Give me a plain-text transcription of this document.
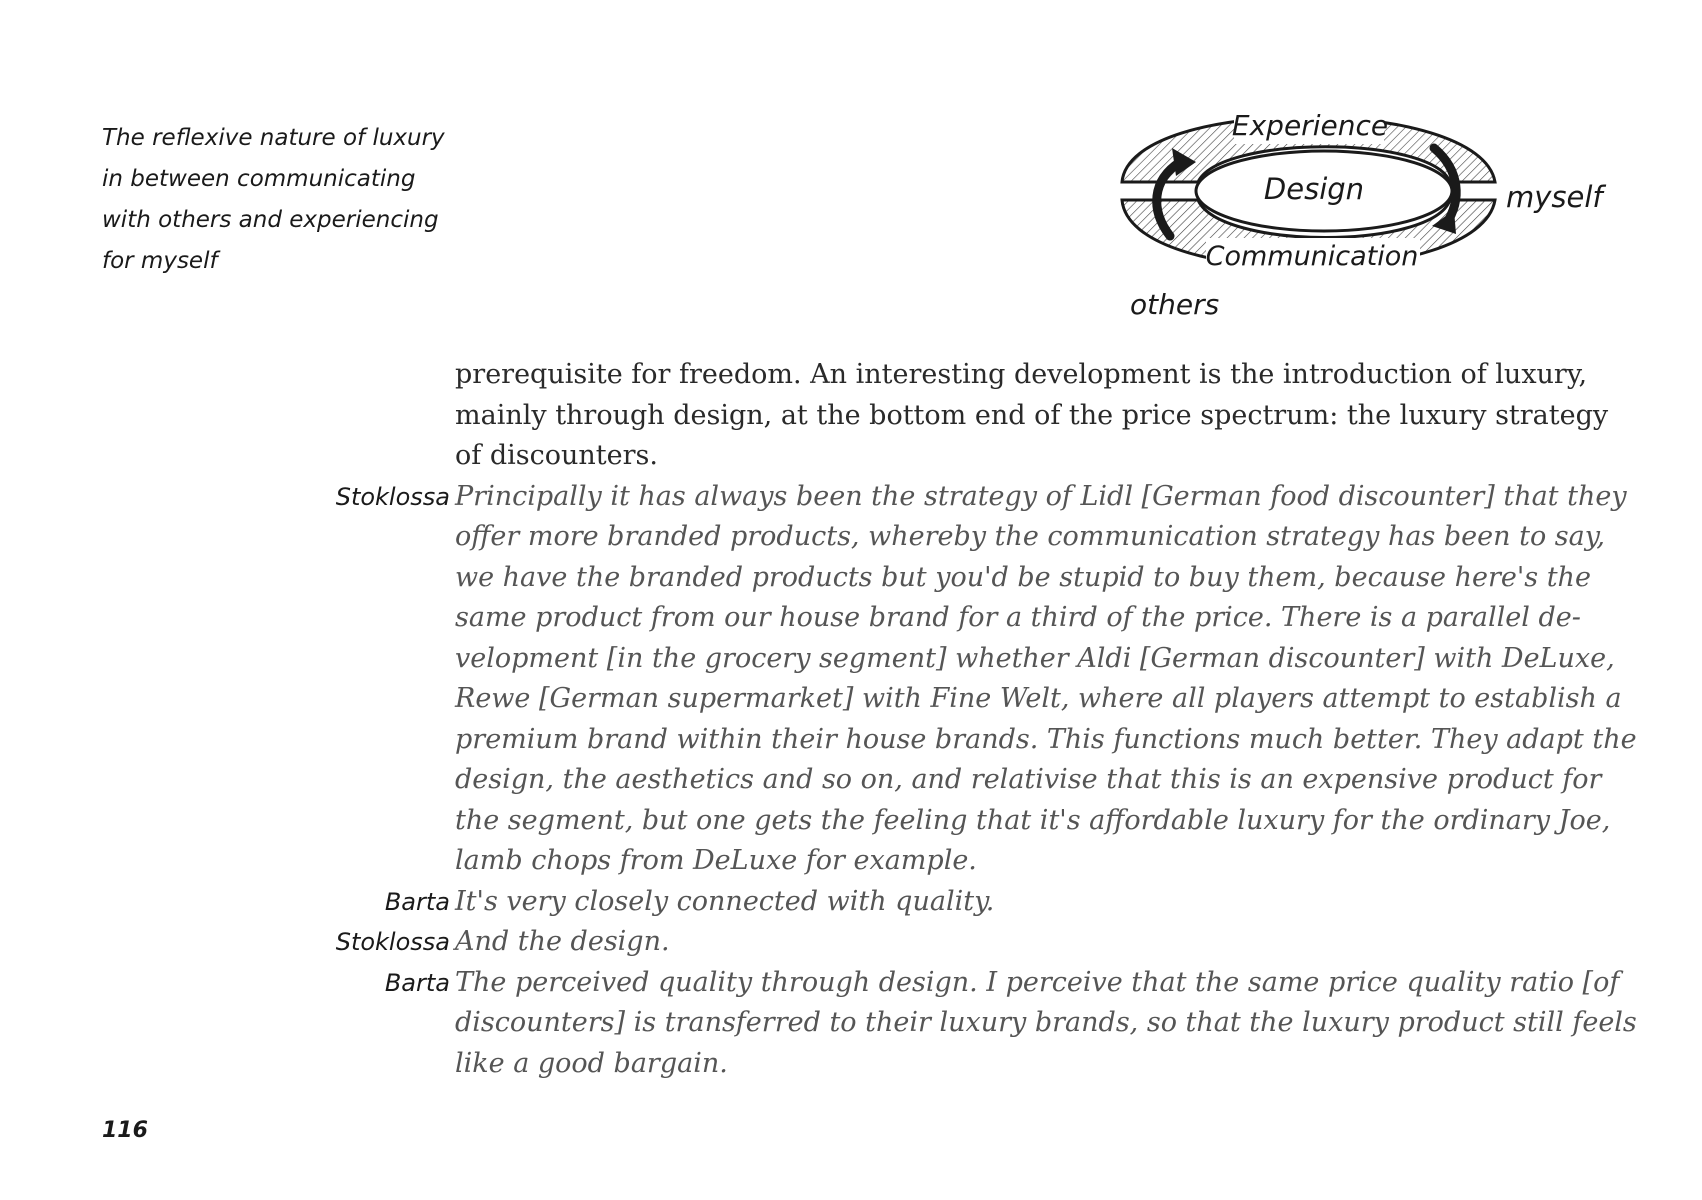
The reflexive nature of luxury
in between communicating
with others and experiencing
for myself

Experience
Design
Communication
myself
others
prerequisite for freedom. An interesting development is the introduction of luxury,
mainly through design, at the bottom end of the price spectrum: the luxury strategy
of discounters.
Stoklossa Principally it has always been the strategy of Lidl [German food discounter] that they
offer more branded products, whereby the communication strategy has been to say,
we have the branded products but you'd be stupid to buy them, because here's the
same product from our house brand for a third of the price. There is a parallel de-
velopment [in the grocery segment] whether Aldi [German discounter] with DeLuxe,
Rewe [German supermarket] with Fine Welt, where all players attempt to establish a
premium brand within their house brands. This functions much better. They adapt the
design, the aesthetics and so on, and relativise that this is an expensive product for
the segment, but one gets the feeling that it's affordable luxury for the ordinary Joe,
lamb chops from DeLuxe for example.
Barta It's very closely connected with quality.
Stoklossa And the design.
Barta The perceived quality through design. I perceive that the same price quality ratio [of
discounters] is transferred to their luxury brands, so that the luxury product still feels
like a good bargain.
116
